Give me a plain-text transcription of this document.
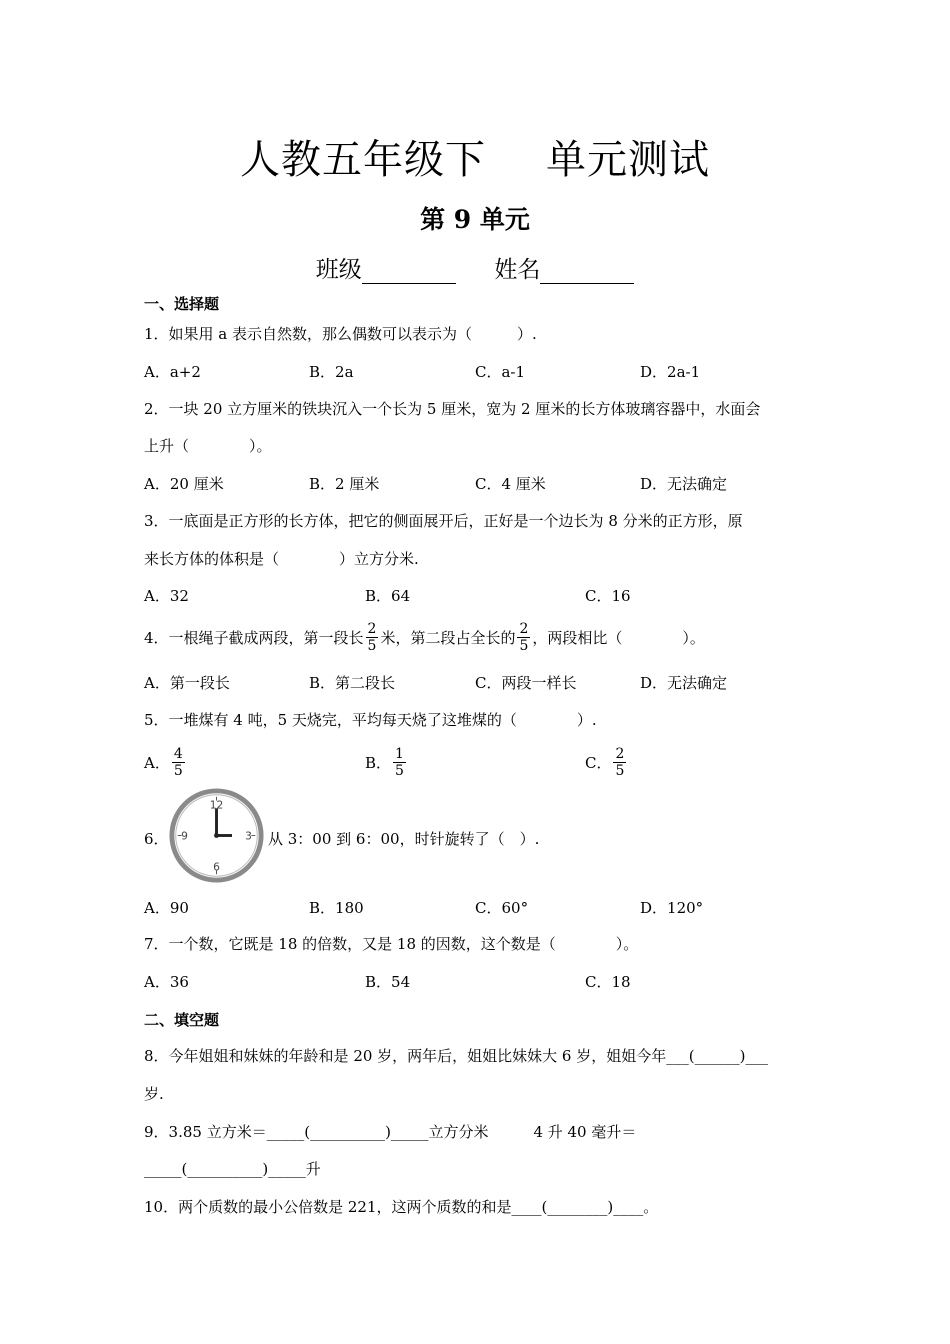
人教五年级下 单元测试
第 9 单元
班级	姓名
一、选择题
1．如果用 a 表示自然数，那么偶数可以表示为（　　　）.
A．a+2	B．2a	C．a-1	D．2a-1
2．一块 20 立方厘米的铁块沉入一个长为 5 厘米，宽为 2 厘米的长方体玻璃容器中，水面会
上升（　　　　）。
A．20 厘米	B．2 厘米	C．4 厘米	D．无法确定
3．一底面是正方形的长方体，把它的侧面展开后，正好是一个边长为 8 分米的正方形，原
来长方体的体积是（　　　　）立方分米.
A．32	B．64	C．16
4．一根绳子截成两段，第一段长 $\frac{2}{5}$ 米，第二段占全长的 $\frac{2}{5}$ ，两段相比（　　　　）。
A．第一段长	B．第二段长	C．两段一样长	D．无法确定
5．一堆煤有 4 吨，5 天烧完，平均每天烧了这堆煤的（　　　　）.
A． $\frac{4}{5}$	B． $\frac{1}{5}$	C． $\frac{2}{5}$
6．
12
3
6
9	从 3：00 到 6：00，时针旋转了（　）.
A．90	B．180	C．60°	D．120°
7．一个数，它既是 18 的倍数，又是 18 的因数，这个数是（　　　　）。
A．36	B．54	C．18
二、填空题
8．今年姐姐和妹妹的年龄和是 20 岁，两年后，姐姐比妹妹大 6 岁，姐姐今年___(______)___
岁.
9．3.85 立方米＝_____(__________)_____立方分米　　　4 升 40 毫升＝
_____(__________)_____升
10．两个质数的最小公倍数是 221，这两个质数的和是____(________)____。
